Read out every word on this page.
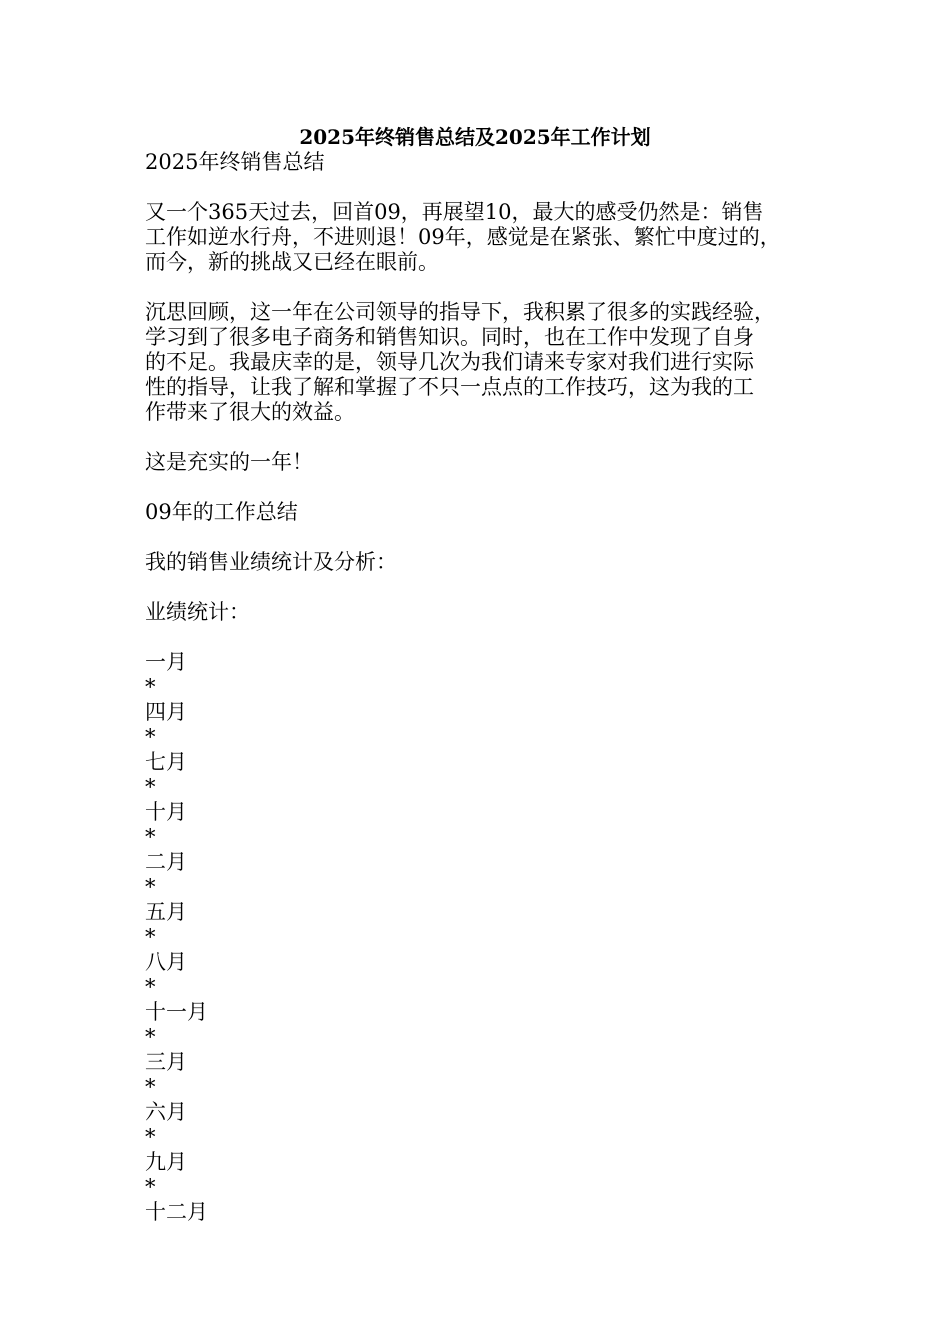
2025年终销售总结及2025年工作计划
2025年终销售总结
又一个365天过去，回首09，再展望10，最大的感受仍然是：销售
工作如逆水行舟，不进则退！09年，感觉是在紧张、繁忙中度过的，
而今，新的挑战又已经在眼前。
沉思回顾，这一年在公司领导的指导下，我积累了很多的实践经验，
学习到了很多电子商务和销售知识。同时，也在工作中发现了自身
的不足。我最庆幸的是，领导几次为我们请来专家对我们进行实际
性的指导，让我了解和掌握了不只一点点的工作技巧，这为我的工
作带来了很大的效益。
这是充实的一年！
09年的工作总结
我的销售业绩统计及分析：
业绩统计：
一月
*
四月
*
七月
*
十月
*
二月
*
五月
*
八月
*
十一月
*
三月
*
六月
*
九月
*
十二月
